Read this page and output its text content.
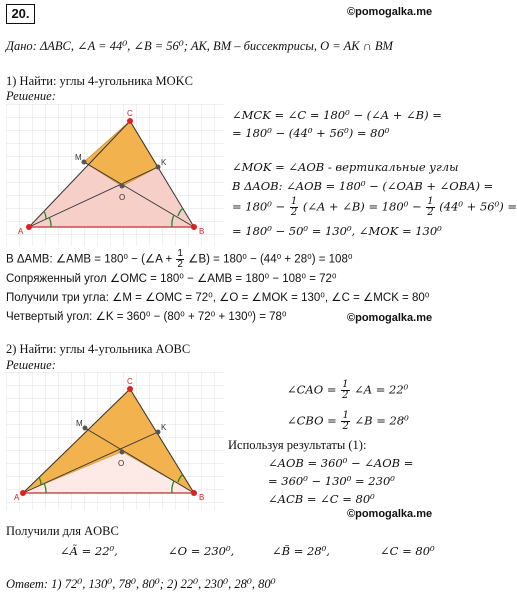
20.	©pomogalka.me
Дано: ΔABC, ∠A = 44⁰, ∠B = 56⁰; AK, BM – биссектрисы, O = AK ∩ BM
1) Найти: углы 4-угольника MOKC
Решение:
A	B
C
M
K
O
∠MCK = ∠C = 180⁰ − (∠A + ∠B) =
= 180⁰ − (44⁰ + 56⁰) = 80⁰
∠MOK = ∠AOB - вертикальные углы
В ΔAOB: ∠AOB = 180⁰ − (∠OAB + ∠OBA) =
= $180^0 - \frac{1}{2}$ (∠A + ∠B) = $180^0 - \frac{1}{2} (44^0 + 56^0)$ =
= 180⁰ − 50⁰ = 130⁰, ∠MOK = 130⁰
В ΔAMB: ∠AMB = 180⁰ − (∠A + $\frac{1}{2}$ ∠B) = 180⁰ − (44⁰ + 28⁰) = 108⁰
Сопряженный угол ∠OMC = 180⁰ − ∠AMB = 180⁰ − 108⁰ = 72⁰
Получили три угла: ∠M = ∠OMC = 72⁰, ∠O = ∠MOK = 130⁰, ∠C = ∠MCK = 80⁰
Четвертый угол: ∠K = 360⁰ − (80⁰ + 72⁰ + 130⁰) = 78⁰	©pomogalka.me
2) Найти: углы 4-угольника AOBC
Решение:
A	B
C
M	K
O
∠CAO = $\frac{1}{2}$ ∠A = 22⁰
∠CBO = $\frac{1}{2}$ ∠B = 28⁰
Используя результаты (1):
∠AOB = 360⁰ − ∠AOB =
= 360⁰ − 130⁰ = 230⁰
∠ACB = ∠C = 80⁰
©pomogalka.me
Получили для AOBC
∠Ã = 22⁰,	∠O = 230⁰,	∠B̃ = 28⁰,	∠C = 80⁰
Ответ: 1) 72⁰, 130⁰, 78⁰, 80⁰; 2) 22⁰, 230⁰, 28⁰, 80⁰
